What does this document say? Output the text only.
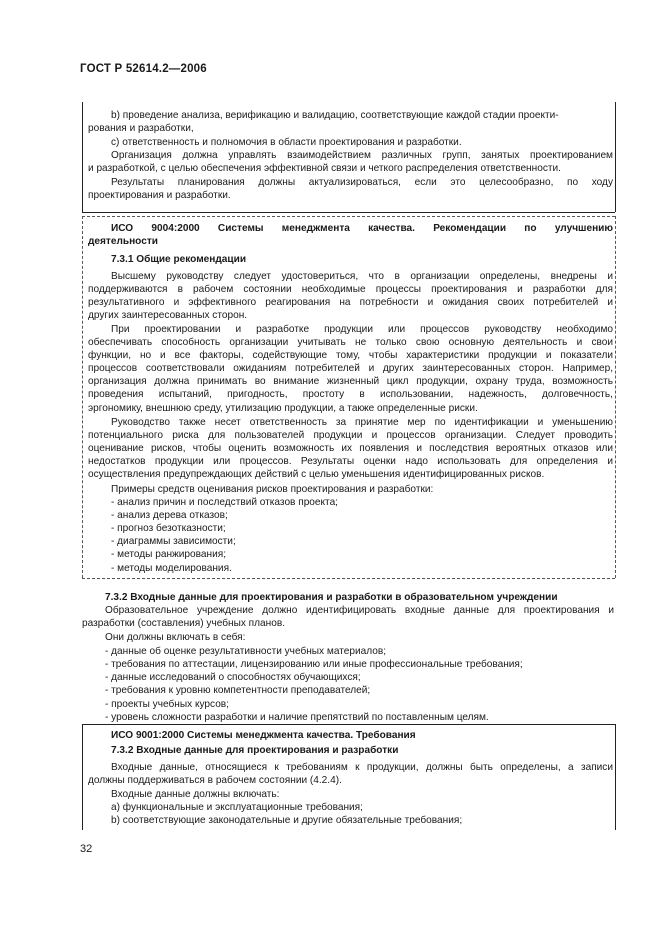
ГОСТ Р 52614.2—2006

b) проведение анализа, верификацию и валидацию, соответствующие каждой стадии проекти-

рования и разработки,

c) ответственность и полномочия в области проектирования и разработки.

Организация должна управлять взаимодействием различных групп, занятых проектированием

и разработкой, с целью обеспечения эффективной связи и четкого распределения ответственности.

Результаты планирования должны актуализироваться, если это целесообразно, по ходу

проектирования и разработки.

ИСО 9004:2000 Системы менеджмента качества. Рекомендации по улучшению

деятельности

7.3.1 Общие рекомендации

Высшему руководству следует удостовериться, что в организации определены, внедрены и

поддерживаются в рабочем состоянии необходимые процессы проектирования и разработки для

результативного и эффективного реагирования на потребности и ожидания своих потребителей и

других заинтересованных сторон.

При проектировании и разработке продукции или процессов руководству необходимо

обеспечивать способность организации учитывать не только свою основную деятельность и свои

функции, но и все факторы, содействующие тому, чтобы характеристики продукции и показатели

процессов соответствовали ожиданиям потребителей и других заинтересованных сторон. Например,

организация должна принимать во внимание жизненный цикл продукции, охрану труда, возможность

проведения испытаний, пригодность, простоту в использовании, надежность, долговечность,

эргономику, внешнюю среду, утилизацию продукции, а также определенные риски.

Руководство также несет ответственность за принятие мер по идентификации и уменьшению

потенциального риска для пользователей продукции и процессов организации. Следует проводить

оценивание рисков, чтобы оценить возможность их появления и последствия вероятных отказов или

недостатков продукции или процессов. Результаты оценки надо использовать для определения и

осуществления предупреждающих действий с целью уменьшения идентифицированных рисков.

Примеры средств оценивания рисков проектирования и разработки:

- анализ причин и последствий отказов проекта;
- анализ дерева отказов;
- прогноз безотказности;
- диаграммы зависимости;
- методы ранжирования;
- методы моделирования.

7.3.2 Входные данные для проектирования и разработки в образовательном учреждении

Образовательное учреждение должно идентифицировать входные данные для проектирования и

разработки (составления) учебных планов.

Они должны включать в себя:

- данные об оценке результативности учебных материалов;
- требования по аттестации, лицензированию или иные профессиональные требования;
- данные исследований о способностях обучающихся;
- требования к уровню компетентности преподавателей;
- проекты учебных курсов;
- уровень сложности разработки и наличие препятствий по поставленным целям.

ИСО 9001:2000 Системы менеджмента качества. Требования

7.3.2 Входные данные для проектирования и разработки

Входные данные, относящиеся к требованиям к продукции, должны быть определены, а записи

должны поддерживаться в рабочем состоянии (4.2.4).

Входные данные должны включать:

a) функциональные и эксплуатационные требования;

b) соответствующие законодательные и другие обязательные требования;

32
